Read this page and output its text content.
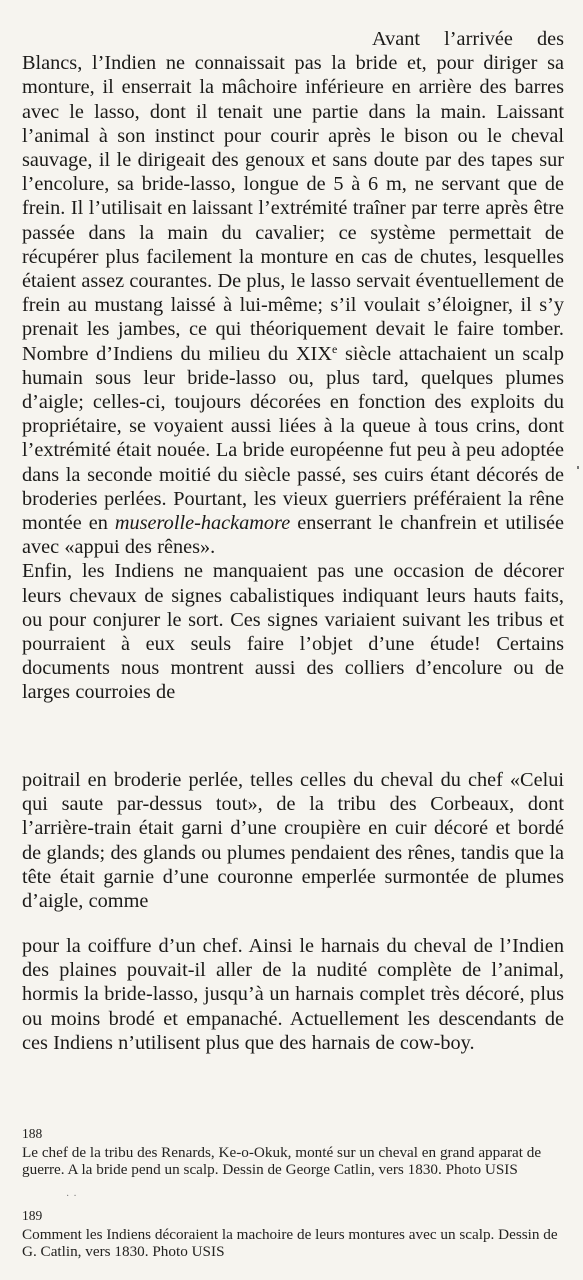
Avant l’arrivée des Blancs, l’Indien ne connaissait pas la bride et, pour diriger sa monture, il enserrait la mâchoire inférieure en arrière des barres avec le lasso, dont il tenait une partie dans la main. Laissant l’animal à son instinct pour courir après le bison ou le cheval sauvage, il le dirigeait des genoux et sans doute par des tapes sur l’encolure, sa bride-lasso, longue de 5 à 6 m, ne servant que de frein. Il l’utilisait en laissant l’extrémité traîner par terre après être passée dans la main du cavalier; ce système permettait de récupérer plus facilement la monture en cas de chutes, lesquelles étaient assez courantes. De plus, le lasso servait éventuellement de frein au mustang laissé à lui-même; s’il voulait s’éloigner, il s’y prenait les jambes, ce qui théoriquement devait le faire tomber. Nombre d’Indiens du milieu du XIXe siècle attachaient un scalp humain sous leur bride-lasso ou, plus tard, quelques plumes d’aigle; celles-ci, toujours décorées en fonction des exploits du propriétaire, se voyaient aussi liées à la queue à tous crins, dont l’extrémité était nouée. La bride européenne fut peu à peu adoptée dans la seconde moitié du siècle passé, ses cuirs étant décorés de broderies perlées. Pourtant, les vieux guerriers préféraient la rêne montée en muserolle-hackamore enserrant le chanfrein et utilisée avec «appui des rênes».

Enfin, les Indiens ne manquaient pas une occasion de décorer leurs chevaux de signes cabalistiques indiquant leurs hauts faits, ou pour conjurer le sort. Ces signes variaient suivant les tribus et pourraient à eux seuls faire l’objet d’une étude! Certains documents nous montrent aussi des colliers d’encolure ou de larges courroies de

poitrail en broderie perlée, telles celles du cheval du chef «Celui qui saute par-dessus tout», de la tribu des Corbeaux, dont l’arrière-train était garni d’une croupière en cuir décoré et bordé de glands; des glands ou plumes pendaient des rênes, tandis que la tête était garnie d’une couronne emperlée surmontée de plumes d’aigle, comme

pour la coiffure d’un chef. Ainsi le harnais du cheval de l’Indien des plaines pouvait-il aller de la nudité complète de l’animal, hormis la bride-lasso, jusqu’à un harnais complet très décoré, plus ou moins brodé et empanaché. Actuellement les descendants de ces Indiens n’utilisent plus que des harnais de cow-boy.

188
Le chef de la tribu des Renards, Ke-o-Okuk, monté sur un cheval en grand apparat de guerre. A la bride pend un scalp. Dessin de George Catlin, vers 1830. Photo USIS
··
189
Comment les Indiens décoraient la machoire de leurs montures avec un scalp. Dessin de G. Catlin, vers 1830. Photo USIS
